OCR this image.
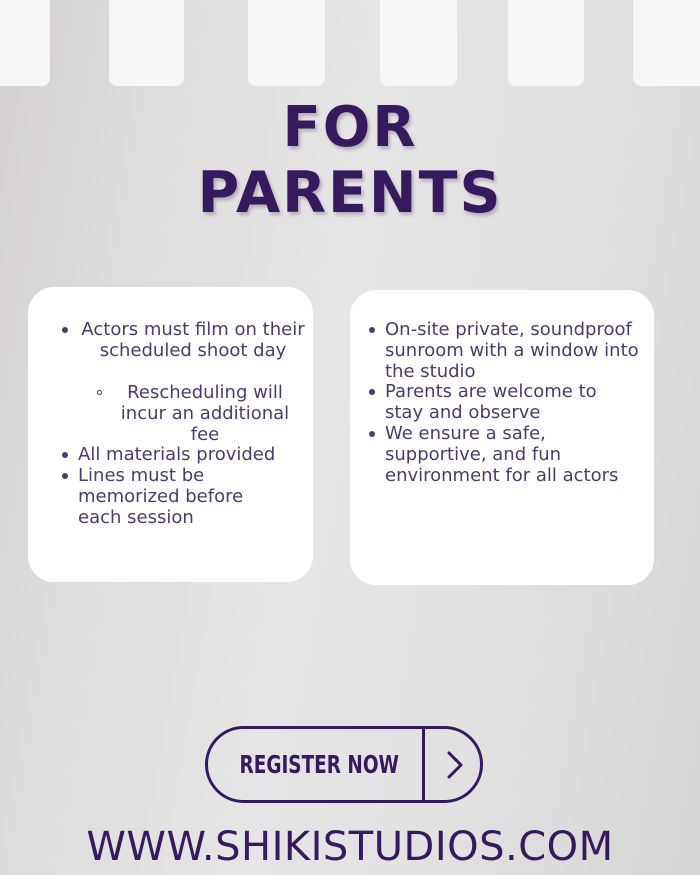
FOR
PARENTS
Actors must film on their scheduled shoot day
Rescheduling will incur an additional fee
All materials provided
Lines must be memorized before each session
On-site private, soundproof sunroom with a window into the studio
Parents are welcome to stay and observe
We ensure a safe, supportive, and fun environment for all actors
REGISTER NOW
WWW.SHIKISTUDIOS.COM
